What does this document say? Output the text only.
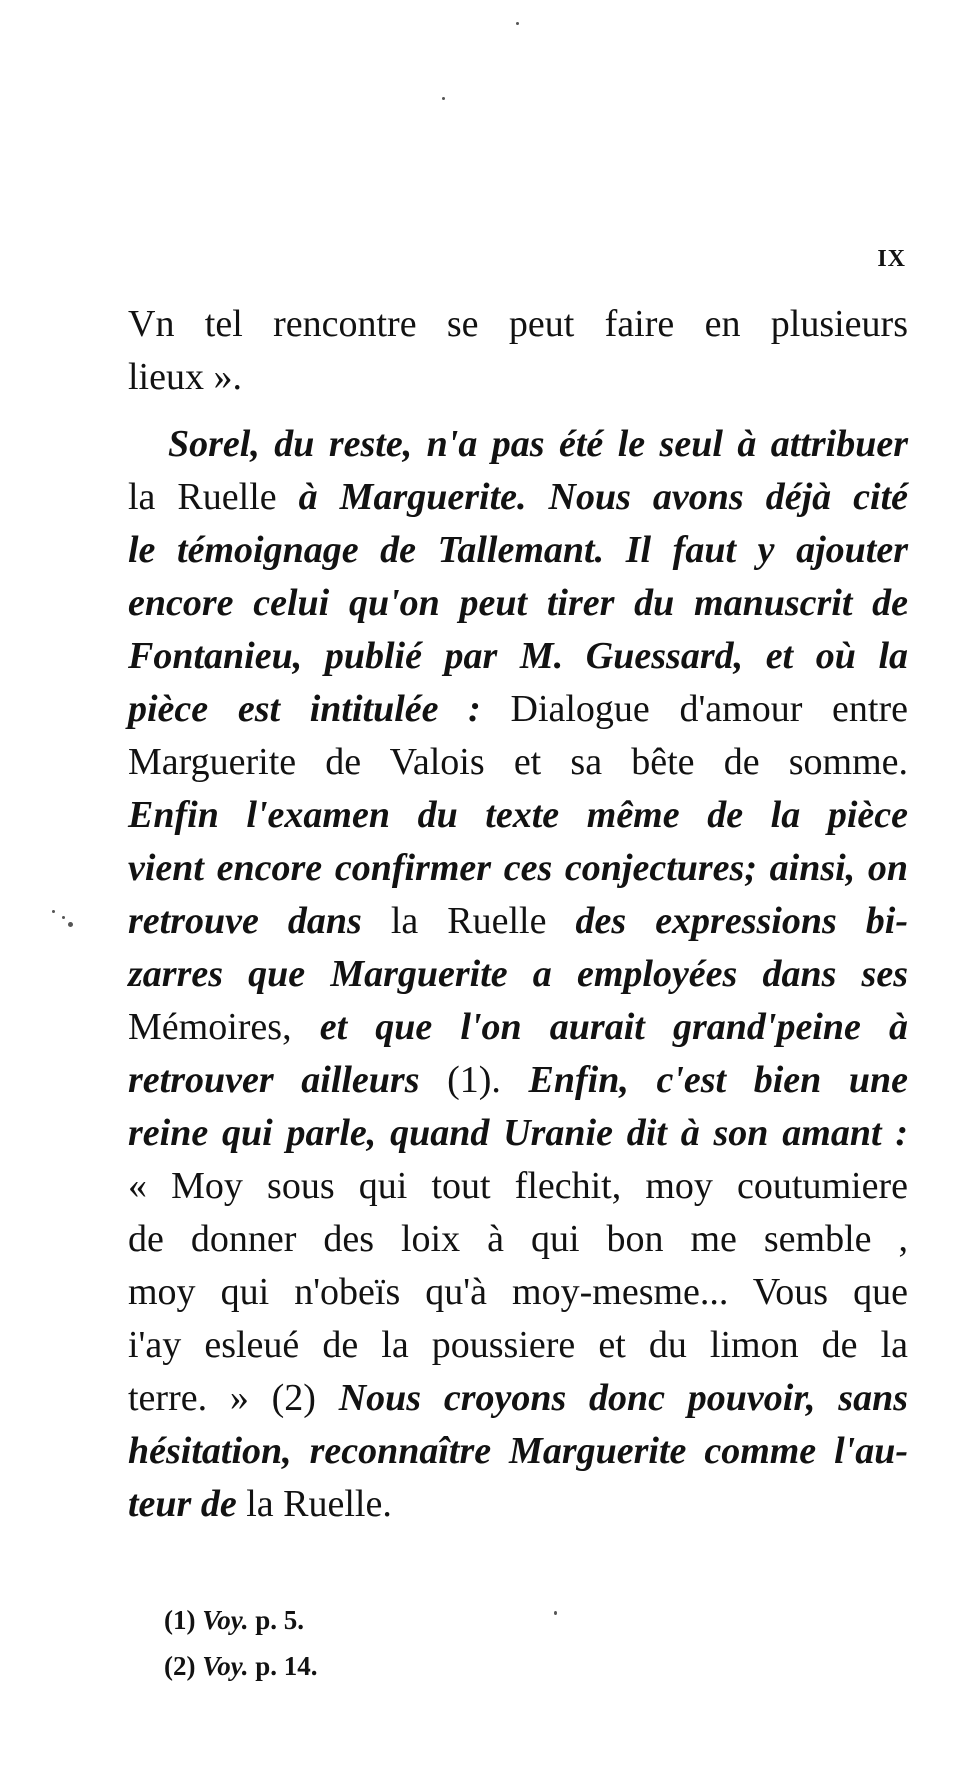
IX
Vn tel rencontre se peut faire en plusieurs
lieux ».
Sorel, du reste, n'a pas été le seul à attribuer
la Ruelle à Marguerite. Nous avons déjà cité
le témoignage de Tallemant. Il faut y ajouter
encore celui qu'on peut tirer du manuscrit de
Fontanieu, publié par M. Guessard, et où la
pièce est intitulée : Dialogue d'amour entre
Marguerite de Valois et sa bête de somme.
Enfin l'examen du texte même de la pièce
vient encore confirmer ces conjectures; ainsi, on
retrouve dans la Ruelle des expressions bi-
zarres que Marguerite a employées dans ses
Mémoires, et que l'on aurait grand'peine à
retrouver ailleurs (1). Enfin, c'est bien une
reine qui parle, quand Uranie dit à son amant :
« Moy sous qui tout flechit, moy coutumiere
de donner des loix à qui bon me semble ,
moy qui n'obeïs qu'à moy-mesme... Vous que
i'ay esleué de la poussiere et du limon de la
terre. » (2) Nous croyons donc pouvoir, sans
hésitation, reconnaître Marguerite comme l'au-
teur de la Ruelle.
(1) Voy. p. 5.
(2) Voy. p. 14.
